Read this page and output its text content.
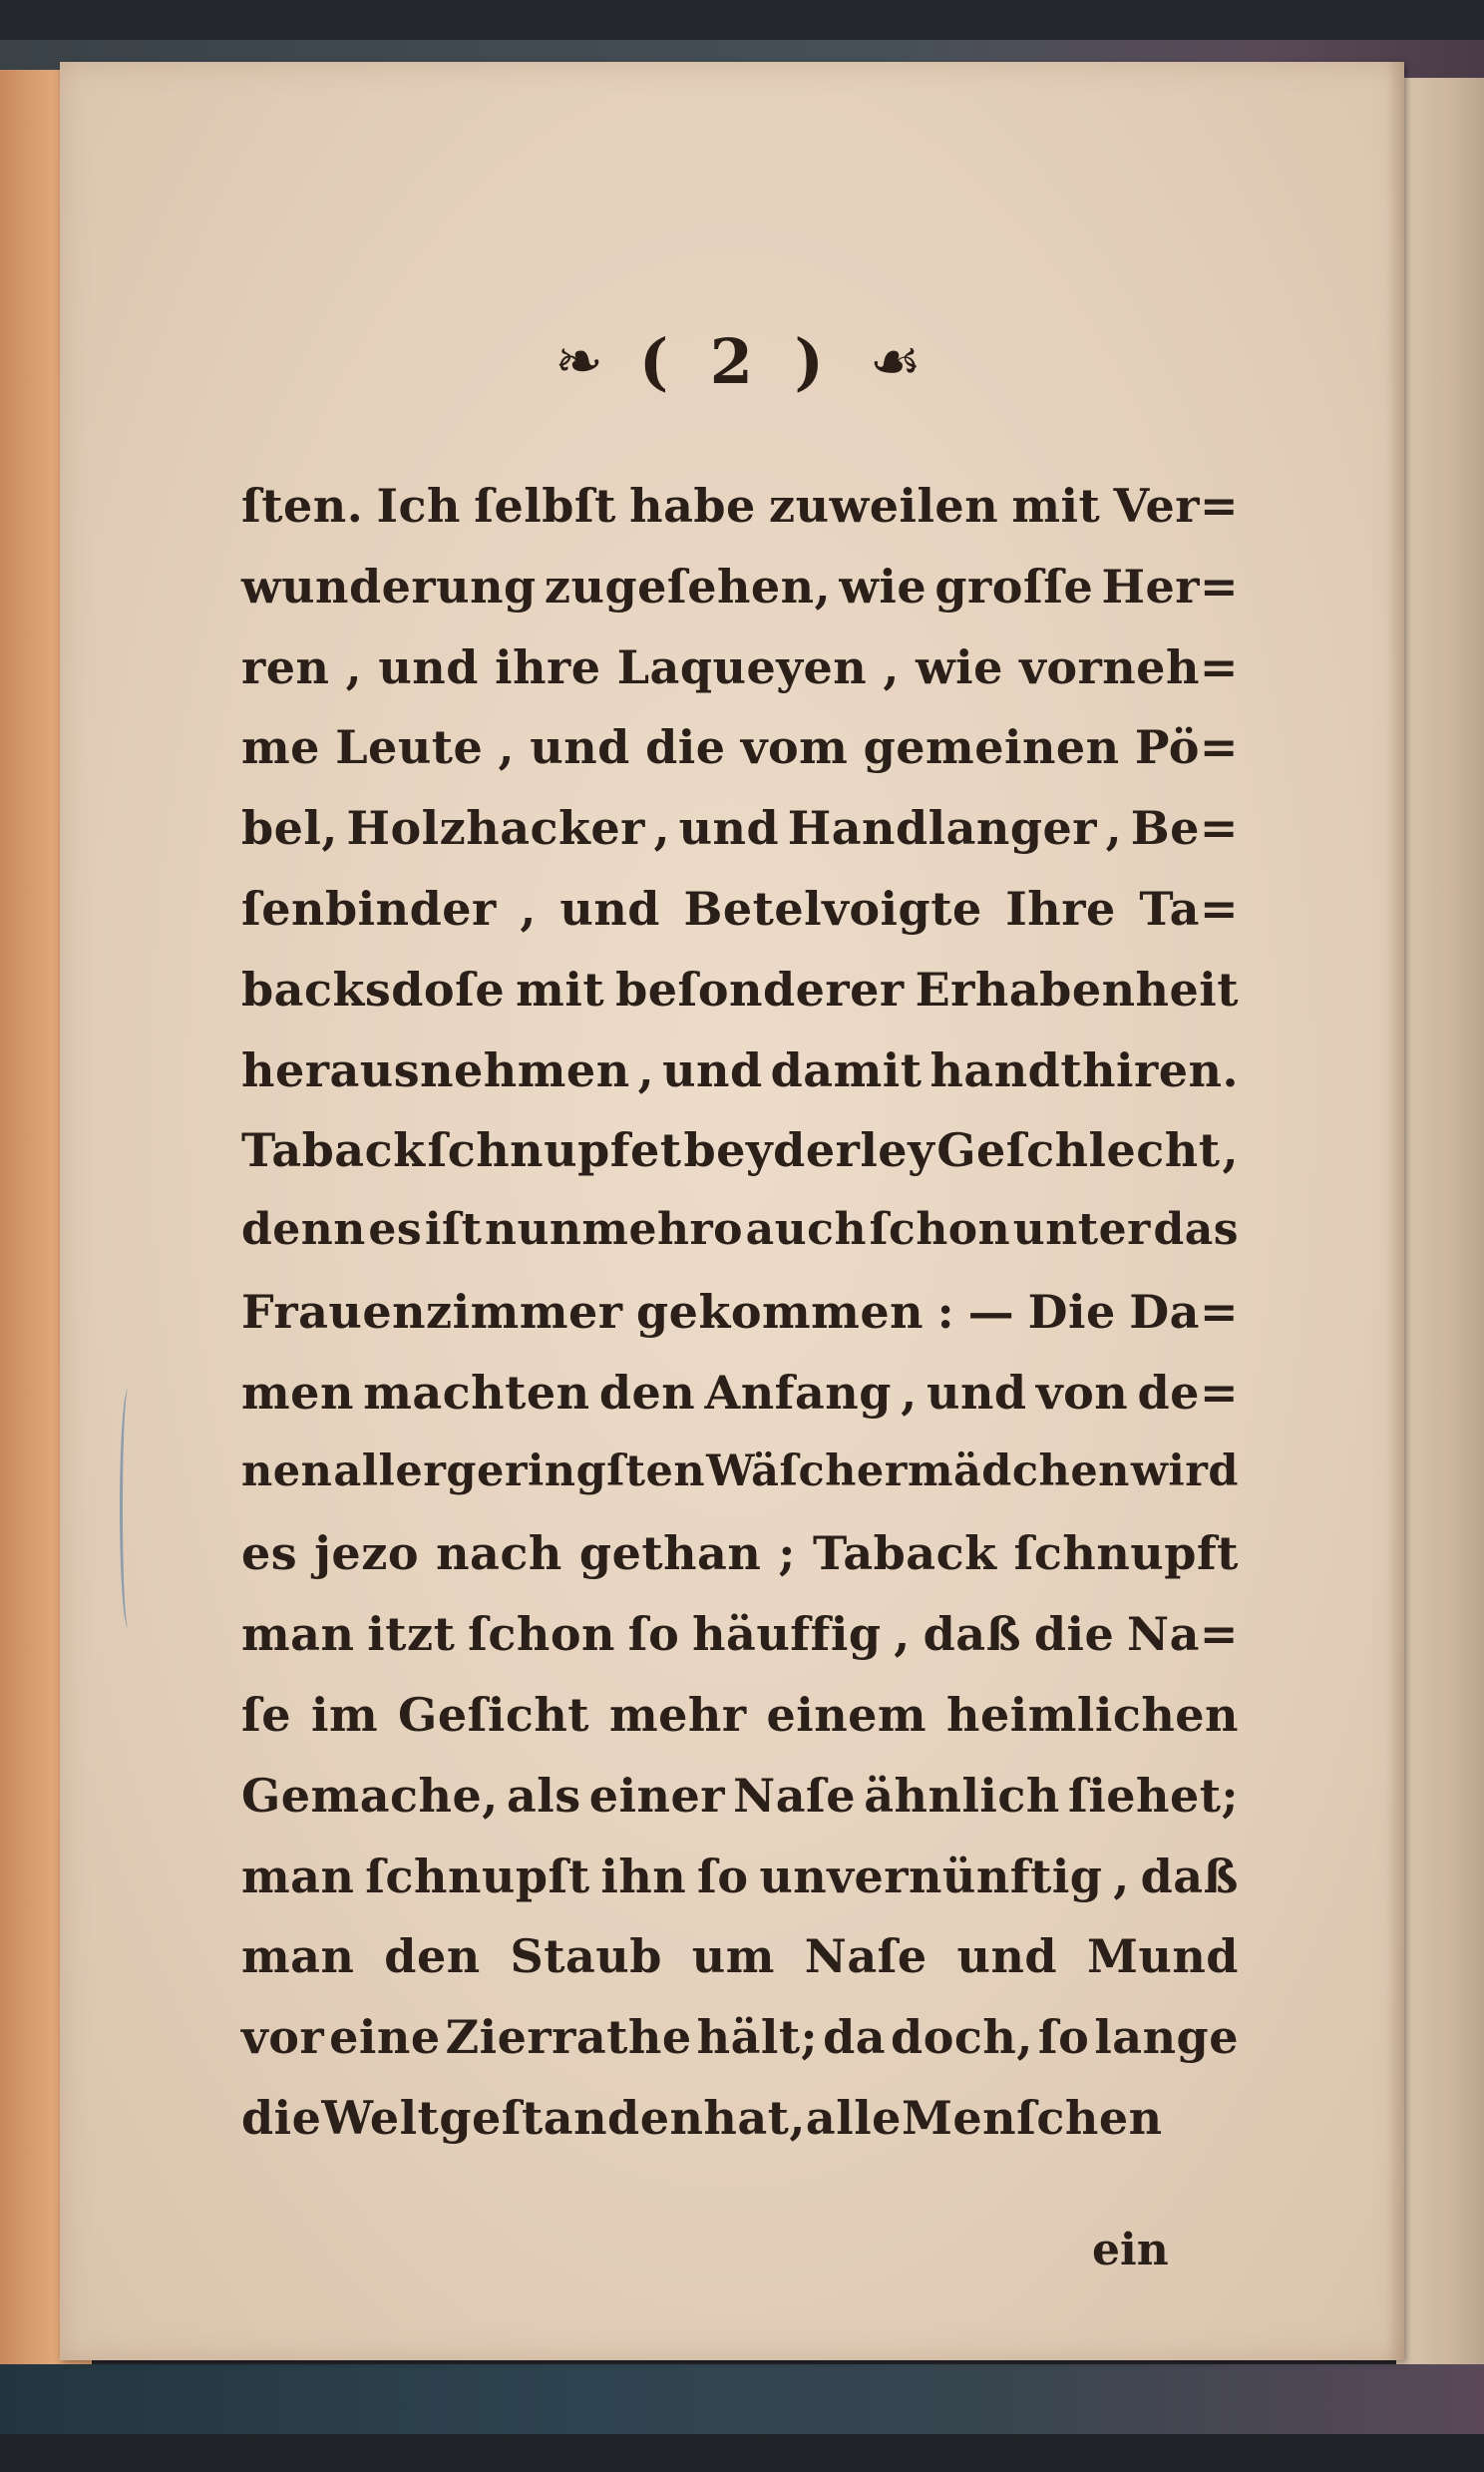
❧ ( 2 ) ☙
ſten. Ich ſelbſt habe zuweilen mit Ver=
wunderung zugeſehen, wie groſſe Her=
ren , und ihre Laqueyen , wie vorneh=
me Leute , und die vom gemeinen Pö=
bel, Holzhacker , und Handlanger , Be=
ſenbinder , und Betelvoigte Ihre Ta=
backsdoſe mit beſonderer Erhabenheit
herausnehmen , und damit handthiren.
Taback ſchnupfet beyderley Geſchlecht ,
denn es iſt nunmehro auch ſchon unter das
Frauenzimmer gekommen : — Die Da=
men machten den Anfang , und von de=
nen allergeringſten Wäſchermädchen wird
es jezo nach gethan ; Taback ſchnupft
man itzt ſchon ſo häuffig , daß die Na=
ſe im Geſicht mehr einem heimlichen
Gemache, als einer Naſe ähnlich ſiehet;
man ſchnupſt ihn ſo unvernünftig , daß
man den Staub um Naſe und Mund
vor eine Zierrathe hält; da doch, ſo lange
die Welt geſtanden hat , alle Menſchen
ein
